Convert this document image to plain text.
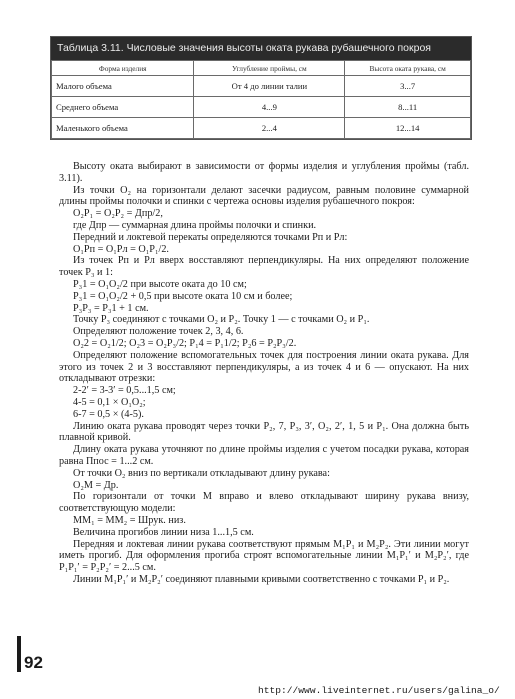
Таблица 3.11. Числовые значения высоты оката рукава рубашечного покроя
Форма изделия	Углубление проймы, см	Высота оката рукава, см
Малого объема	От 4 до линии талии	3...7
Среднего объема	4...9	8...11
Маленького объема	2...4	12...14

Высоту оката выбирают в зависимости от формы изделия и углубления проймы (табл. 3.11).

Из точки О₂ на горизонтали делают засечки радиусом, равным половине суммарной длины проймы полочки и спинки с чертежа основы изделия рубашечного покроя:

О₂Р₁ = О₂Р₂ = Дпр/2,

где Дпр — суммарная длина проймы полочки и спинки.

Передний и локтевой перекаты определяются точками Рп и Рл:

О₁Рп = О₁Рл = О₁Р₁/2.

Из точек Рп и Рл вверх восставляют перпендикуляры. На них определяют положение точек Р₃ и 1:

Р₃1 = О₁О₂/2 при высоте оката до 10 см;

Р₃1 = О₁О₂/2 + 0,5 при высоте оката 10 см и более;

Р₃Р₃ = Р₃1 + 1 см.

Точку Р₃ соединяют с точками О₂ и Р₂. Точку 1 — с точками О₂ и Р₁.

Определяют положение точек 2, 3, 4, 6.

О₂2 = О₂1/2; О₂3 = О₂Р₃/2; Р₁4 = Р₁1/2; Р₂6 = Р₂Р₃/2.

Определяют положение вспомогательных точек для построения линии оката рукава. Для этого из точек 2 и 3 восставляют перпендикуляры, а из точек 4 и 6 — опускают. На них откладывают отрезки:

2-2′ = 3-3′ = 0,5...1,5 см;

4-5 = 0,1 × О₁О₂;

6-7 = 0,5 × (4-5).

Линию оката рукава проводят через точки Р₂, 7, Р₃, 3′, О₂, 2′, 1, 5 и Р₁. Она должна быть плавной кривой.

Длину оката рукава уточняют по длине проймы изделия с учетом посадки рукава, которая равна Ппос = 1...2 см.

От точки О₂ вниз по вертикали откладывают длину рукава:

О₂М = Др.

По горизонтали от точки М вправо и влево откладывают ширину рукава внизу, соответствующую модели:

ММ₁ = ММ₂ = Шрук. низ.

Величина прогибов линии низа 1...1,5 см.

Передняя и локтевая линии рукава соответствуют прямым М₁Р₁ и М₂Р₂. Эти линии могут иметь прогиб. Для оформления прогиба строят вспомогательные линии М₁Р₁′ и М₂Р₂′, где Р₁Р₁′ = Р₂Р₂′ = 2...5 см.

Линии М₁Р₁′ и М₂Р₂′ соединяют плавными кривыми соответственно с точками Р₁ и Р₂.

92
http://www.liveinternet.ru/users/galina_o/
